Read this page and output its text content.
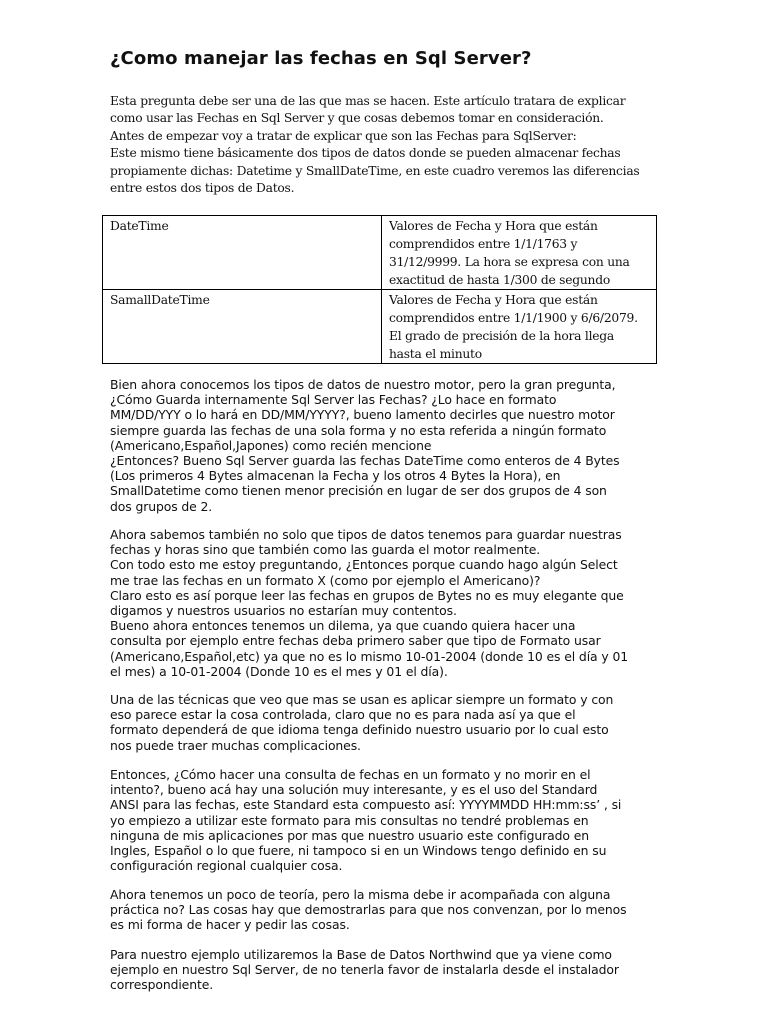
¿Como manejar las fechas en Sql Server?
Esta pregunta debe ser una de las que mas se hacen. Este artículo tratara de explicar
como usar las Fechas en Sql Server y que cosas debemos tomar en consideración.
Antes de empezar voy a tratar de explicar que son las Fechas para SqlServer:
Este mismo tiene básicamente dos tipos de datos donde se pueden almacenar fechas
propiamente dichas: Datetime y SmallDateTime, en este cuadro veremos las diferencias
entre estos dos tipos de Datos.
DateTime	Valores de Fecha y Hora que están
comprendidos entre 1/1/1763 y
31/12/9999. La hora se expresa con una
exactitud de hasta 1/300 de segundo

SamallDateTime	Valores de Fecha y Hora que están
comprendidos entre 1/1/1900 y 6/6/2079.
El grado de precisión de la hora llega
hasta el minuto
Bien ahora conocemos los tipos de datos de nuestro motor, pero la gran pregunta,
¿Cómo Guarda internamente Sql Server las Fechas? ¿Lo hace en formato
MM/DD/YYY o lo hará en DD/MM/YYYY?, bueno lamento decirles que nuestro motor
siempre guarda las fechas de una sola forma y no esta referida a ningún formato
(Americano,Español,Japones) como recién mencione
¿Entonces? Bueno Sql Server guarda las fechas DateTime como enteros de 4 Bytes
(Los primeros 4 Bytes almacenan la Fecha y los otros 4 Bytes la Hora), en
SmallDatetime como tienen menor precisión en lugar de ser dos grupos de 4 son
dos grupos de 2.
Ahora sabemos también no solo que tipos de datos tenemos para guardar nuestras
fechas y horas sino que también como las guarda el motor realmente.
Con todo esto me estoy preguntando, ¿Entonces porque cuando hago algún Select
me trae las fechas en un formato X (como por ejemplo el Americano)?
Claro esto es así porque leer las fechas en grupos de Bytes no es muy elegante que
digamos y nuestros usuarios no estarían muy contentos.
Bueno ahora entonces tenemos un dilema, ya que cuando quiera hacer una
consulta por ejemplo entre fechas deba primero saber que tipo de Formato usar
(Americano,Español,etc) ya que no es lo mismo 10-01-2004 (donde 10 es el día y 01
el mes) a 10-01-2004 (Donde 10 es el mes y 01 el día).
Una de las técnicas que veo que mas se usan es aplicar siempre un formato y con
eso parece estar la cosa controlada, claro que no es para nada así ya que el
formato dependerá de que idioma tenga definido nuestro usuario por lo cual esto
nos puede traer muchas complicaciones.
Entonces, ¿Cómo hacer una consulta de fechas en un formato y no morir en el
intento?, bueno acá hay una solución muy interesante, y es el uso del Standard
ANSI para las fechas, este Standard esta compuesto así: YYYYMMDD HH:mm:ss’ , si
yo empiezo a utilizar este formato para mis consultas no tendré problemas en
ninguna de mis aplicaciones por mas que nuestro usuario este configurado en
Ingles, Español o lo que fuere, ni tampoco si en un Windows tengo definido en su
configuración regional cualquier cosa.
Ahora tenemos un poco de teoría, pero la misma debe ir acompañada con alguna
práctica no? Las cosas hay que demostrarlas para que nos convenzan, por lo menos
es mi forma de hacer y pedir las cosas.
Para nuestro ejemplo utilizaremos la Base de Datos Northwind que ya viene como
ejemplo en nuestro Sql Server, de no tenerla favor de instalarla desde el instalador
correspondiente.
